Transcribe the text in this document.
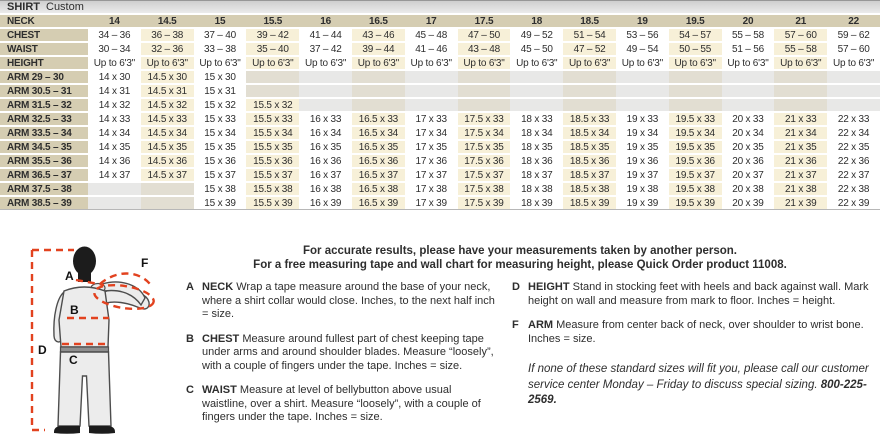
SHIRT Custom
NECK	14	14.5	15	15.5	16	16.5	17	17.5	18	18.5	19	19.5	20	21	22
CHEST	34 – 36	36 – 38	37 – 40	39 – 42	41 – 44	43 – 46	45 – 48	47 – 50	49 – 52	51 – 54	53 – 56	54 – 57	55 – 58	57 – 60	59 – 62
WAIST	30 – 34	32 – 36	33 – 38	35 – 40	37 – 42	39 – 44	41 – 46	43 – 48	45 – 50	47 – 52	49 – 54	50 – 55	51 – 56	55 – 58	57 – 60
HEIGHT	Up to 6'3"	Up to 6'3"	Up to 6'3"	Up to 6'3"	Up to 6'3"	Up to 6'3"	Up to 6'3"	Up to 6'3"	Up to 6'3"	Up to 6'3"	Up to 6'3"	Up to 6'3"	Up to 6'3"	Up to 6'3"	Up to 6'3"
ARM 29 – 30	14 x 30	14.5 x 30	15 x 30												
ARM 30.5 – 31	14 x 31	14.5 x 31	15 x 31												
ARM 31.5 – 32	14 x 32	14.5 x 32	15 x 32	15.5 x 32											
ARM 32.5 – 33	14 x 33	14.5 x 33	15 x 33	15.5 x 33	16 x 33	16.5 x 33	17 x 33	17.5 x 33	18 x 33	18.5 x 33	19 x 33	19.5 x 33	20 x 33	21 x 33	22 x 33
ARM 33.5 – 34	14 x 34	14.5 x 34	15 x 34	15.5 x 34	16 x 34	16.5 x 34	17 x 34	17.5 x 34	18 x 34	18.5 x 34	19 x 34	19.5 x 34	20 x 34	21 x 34	22 x 34
ARM 34.5 – 35	14 x 35	14.5 x 35	15 x 35	15.5 x 35	16 x 35	16.5 x 35	17 x 35	17.5 x 35	18 x 35	18.5 x 35	19 x 35	19.5 x 35	20 x 35	21 x 35	22 x 35
ARM 35.5 – 36	14 x 36	14.5 x 36	15 x 36	15.5 x 36	16 x 36	16.5 x 36	17 x 36	17.5 x 36	18 x 36	18.5 x 36	19 x 36	19.5 x 36	20 x 36	21 x 36	22 x 36
ARM 36.5 – 37	14 x 37	14.5 x 37	15 x 37	15.5 x 37	16 x 37	16.5 x 37	17 x 37	17.5 x 37	18 x 37	18.5 x 37	19 x 37	19.5 x 37	20 x 37	21 x 37	22 x 37
ARM 37.5 – 38			15 x 38	15.5 x 38	16 x 38	16.5 x 38	17 x 38	17.5 x 38	18 x 38	18.5 x 38	19 x 38	19.5 x 38	20 x 38	21 x 38	22 x 38
ARM 38.5 – 39			15 x 39	15.5 x 39	16 x 39	16.5 x 39	17 x 39	17.5 x 39	18 x 39	18.5 x 39	19 x 39	19.5 x 39	20 x 39	21 x 39	22 x 39
A
B
C
D
F
For accurate results, please have your measurements taken by another person.
For a free measuring tape and wall chart for measuring height, please Quick Order product 11008.
A NECK Wrap a tape measure around the base of your neck, where a shirt collar would close. Inches, to the next half inch = size.
B CHEST Measure around fullest part of chest keeping tape under arms and around shoulder blades. Measure “loosely”, with a couple of fingers under the tape. Inches = size.
C WAIST Measure at level of bellybutton above usual waistline, over a shirt. Measure “loosely”, with a couple of fingers under the tape. Inches = size.
D HEIGHT Stand in stocking feet with heels and back against wall. Mark height on wall and measure from mark to floor. Inches = height.
F ARM Measure from center back of neck, over shoulder to wrist bone. Inches = size.
If none of these standard sizes will fit you, please call our customer service center Monday – Friday to discuss special sizing. 800-225-2569.
